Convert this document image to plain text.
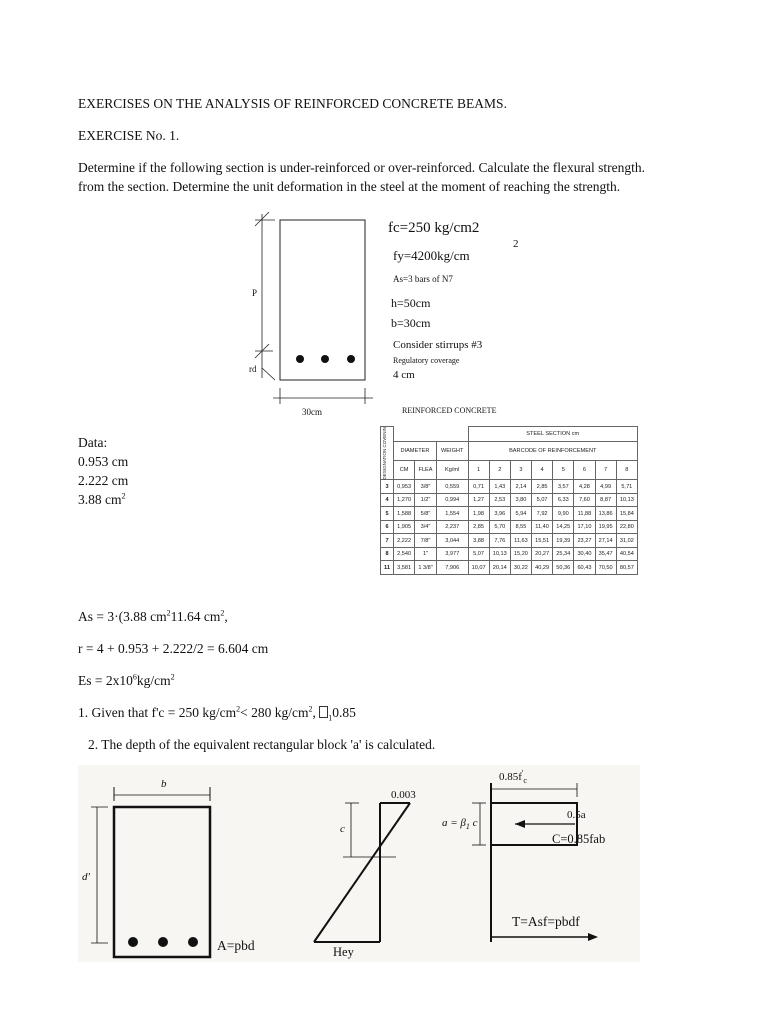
EXERCISES ON THE ANALYSIS OF REINFORCED CONCRETE BEAMS.
EXERCISE No. 1.
Determine if the following section is under-reinforced or over-reinforced. Calculate the flexural strength.
from the section. Determine the unit deformation in the steel at the moment of reaching the strength.
P
rd
30cm
fc=250 kg/cm2
2
fy=4200kg/cm
As=3 bars of N7
h=50cm
b=30cm
Consider stirrups #3
Regulatory coverage
4 cm
Data:
0.953 cm
2.222 cm
3.88 $cm^2$
REINFORCED CONCRETE
DESIGNATION COVENIN				STEEL SECTION cm							
	DIAMETER		WEIGHT	BARCODE OF REINFORCEMENT							
	CM	FLEA	Kg/ml	1	2	3	4	5	6	7	8
3	0,953	3/8"	0,559	0,71	1,43	2,14	2,85	3,57	4,28	4,99	5,71
4	1,270	1/2"	0,994	1,27	2,53	3,80	5,07	6,33	7,60	8,87	10,13
5	1,588	5/8"	1,554	1,98	3,96	5,94	7,92	9,90	11,88	13,86	15,84
6	1,905	3/4"	2,237	2,85	5,70	8,55	11,40	14,25	17,10	19,95	22,80
7	2,222	7/8"	3,044	3,88	7,76	11,63	15,51	19,39	23,27	27,14	31,02
8	2,540	1"	3,977	5,07	10,13	15,20	20,27	25,34	30,40	35,47	40,54
11	3,581	1 3/8"	7,906	10,07	20,14	30,22	40,29	50,36	60,43	70,50	80,57
As = 3·(3.88 $cm^211.64$ $cm^2$,
r = 4 + 0.953 + 2.222/2 = 6.604 cm
$Es = 2x10^6kg/cm^2$
1. Given that f'c = 250 $kg/cm^2< 280$ $kg/cm^2$, $_1$0.85
2. The depth of the equivalent rectangular block 'a' is calculated.
b
d'
0.003
c	$a = \beta_1$ c
$0.85f'_c$
0.5a
C=0.85fab
T=Asf=pbdf
A=pbd	Hey
